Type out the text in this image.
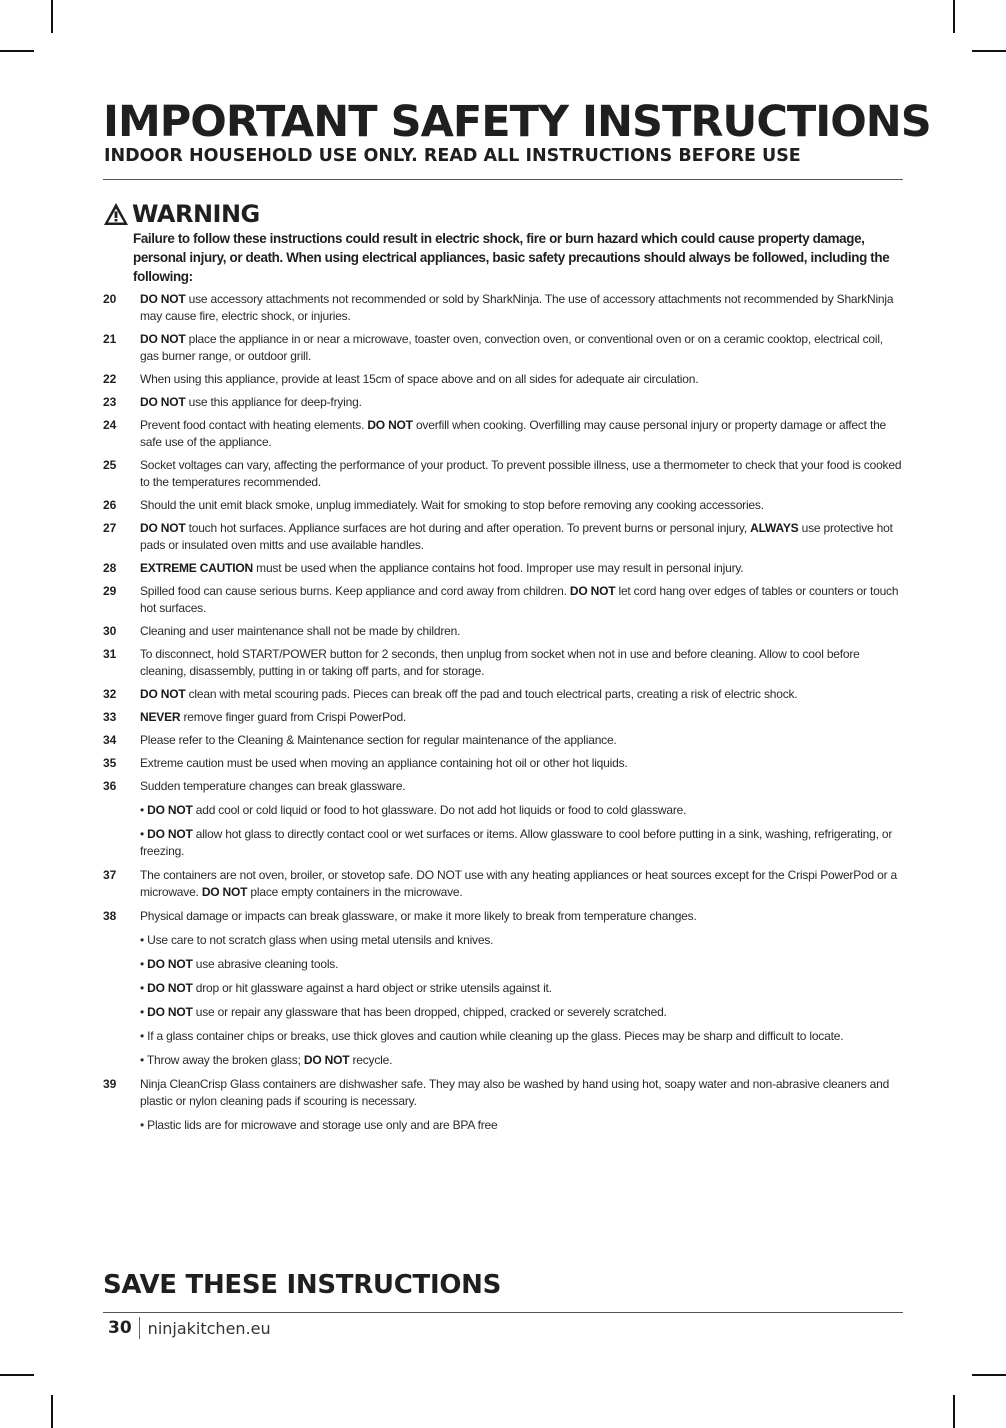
IMPORTANT SAFETY INSTRUCTIONS
INDOOR HOUSEHOLD USE ONLY. READ ALL INSTRUCTIONS BEFORE USE
WARNING

Failure to follow these instructions could result in electric shock, fire or burn hazard which could cause property damage, personal injury, or death. When using electrical appliances, basic safety precautions should always be followed, including the following:

20 DO NOT use accessory attachments not recommended or sold by SharkNinja. The use of accessory attachments not recommended by SharkNinja may cause fire, electric shock, or injuries.
21 DO NOT place the appliance in or near a microwave, toaster oven, convection oven, or conventional oven or on a ceramic cooktop, electrical coil, gas burner range, or outdoor grill.
22 When using this appliance, provide at least 15cm of space above and on all sides for adequate air circulation.
23 DO NOT use this appliance for deep-frying.
24 Prevent food contact with heating elements. DO NOT overfill when cooking. Overfilling may cause personal injury or property damage or affect the safe use of the appliance.
25 Socket voltages can vary, affecting the performance of your product. To prevent possible illness, use a thermometer to check that your food is cooked to the temperatures recommended.
26 Should the unit emit black smoke, unplug immediately. Wait for smoking to stop before removing any cooking accessories.
27 DO NOT touch hot surfaces. Appliance surfaces are hot during and after operation. To prevent burns or personal injury, ALWAYS use protective hot pads or insulated oven mitts and use available handles.
28 EXTREME CAUTION must be used when the appliance contains hot food. Improper use may result in personal injury.
29 Spilled food can cause serious burns. Keep appliance and cord away from children. DO NOT let cord hang over edges of tables or counters or touch hot surfaces.
30 Cleaning and user maintenance shall not be made by children.
31 To disconnect, hold START/POWER button for 2 seconds, then unplug from socket when not in use and before cleaning. Allow to cool before cleaning, disassembly, putting in or taking off parts, and for storage.
32 DO NOT clean with metal scouring pads. Pieces can break off the pad and touch electrical parts, creating a risk of electric shock.
33 NEVER remove finger guard from Crispi PowerPod.
34 Please refer to the Cleaning & Maintenance section for regular maintenance of the appliance.
35 Extreme caution must be used when moving an appliance containing hot oil or other hot liquids.
36 Sudden temperature changes can break glassware.
• DO NOT add cool or cold liquid or food to hot glassware. Do not add hot liquids or food to cold glassware.
• DO NOT allow hot glass to directly contact cool or wet surfaces or items. Allow glassware to cool before putting in a sink, washing, refrigerating, or freezing.
37 The containers are not oven, broiler, or stovetop safe. DO NOT use with any heating appliances or heat sources except for the Crispi PowerPod or a microwave. DO NOT place empty containers in the microwave.
38 Physical damage or impacts can break glassware, or make it more likely to break from temperature changes.
• Use care to not scratch glass when using metal utensils and knives.
• DO NOT use abrasive cleaning tools.
• DO NOT drop or hit glassware against a hard object or strike utensils against it.
• DO NOT use or repair any glassware that has been dropped, chipped, cracked or severely scratched.
• If a glass container chips or breaks, use thick gloves and caution while cleaning up the glass. Pieces may be sharp and difficult to locate.
• Throw away the broken glass; DO NOT recycle.
39 Ninja CleanCrisp Glass containers are dishwasher safe. They may also be washed by hand using hot, soapy water and non-abrasive cleaners and plastic or nylon cleaning pads if scouring is necessary.
• Plastic lids are for microwave and storage use only and are BPA free
SAVE THESE INSTRUCTIONS
30 ninjakitchen.eu
